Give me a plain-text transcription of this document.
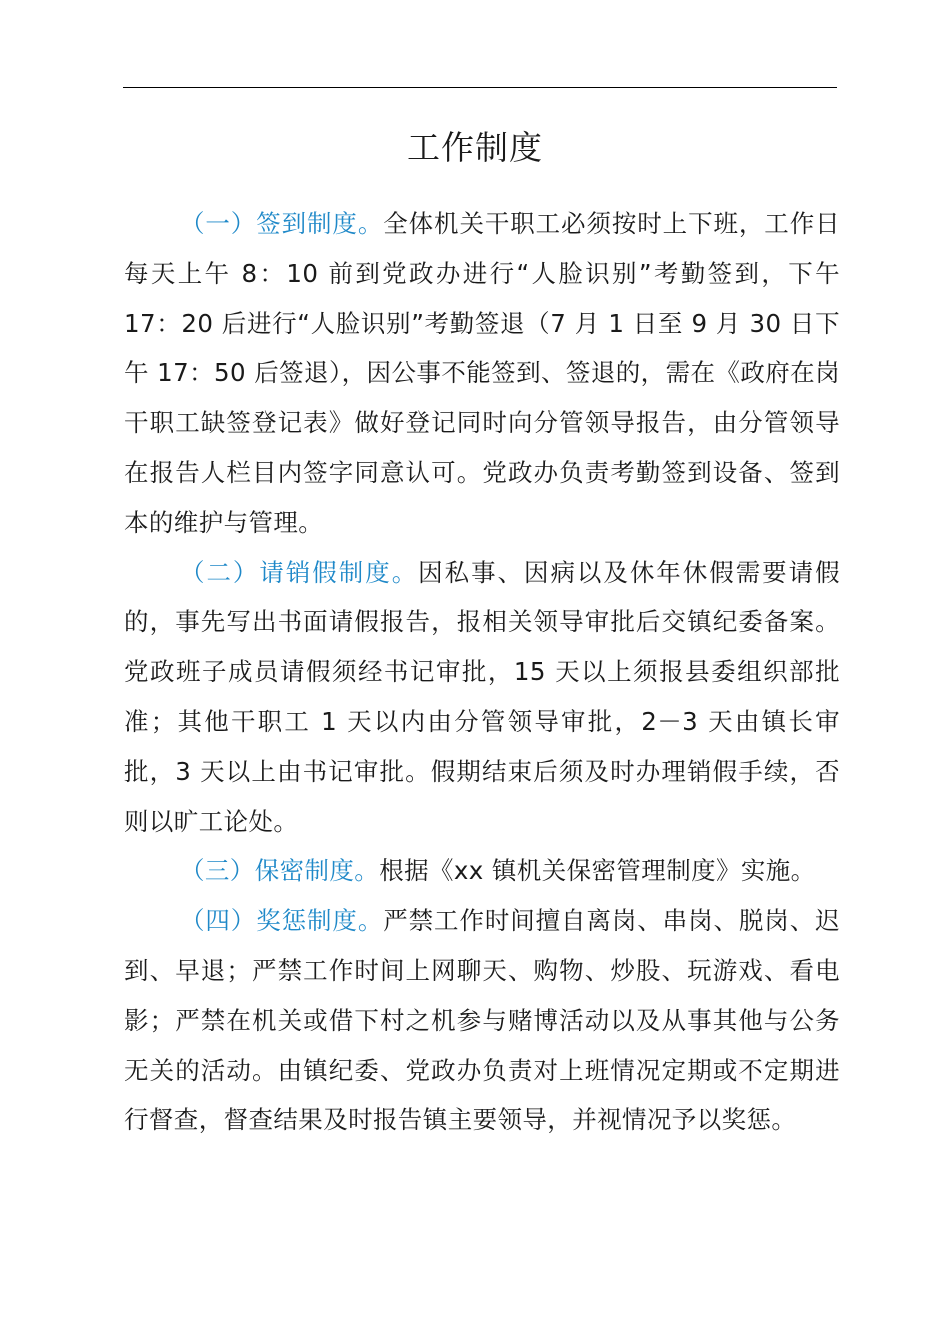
工作制度

（一）签到制度。全体机关干职工必须按时上下班，工作日每天上午 8：10 前到党政办进行“人脸识别”考勤签到，下午 17：20 后进行“人脸识别”考勤签退（7 月 1 日至 9 月 30 日下午 17：50 后签退），因公事不能签到、签退的，需在《政府在岗干职工缺签登记表》做好登记同时向分管领导报告，由分管领导在报告人栏目内签字同意认可。党政办负责考勤签到设备、签到本的维护与管理。

（二）请销假制度。因私事、因病以及休年休假需要请假的，事先写出书面请假报告，报相关领导审批后交镇纪委备案。党政班子成员请假须经书记审批，15 天以上须报县委组织部批准；其他干职工 1 天以内由分管领导审批，2－3 天由镇长审批，3 天以上由书记审批。假期结束后须及时办理销假手续，否则以旷工论处。

（三）保密制度。根据《xx 镇机关保密管理制度》实施。

（四）奖惩制度。严禁工作时间擅自离岗、串岗、脱岗、迟到、早退；严禁工作时间上网聊天、购物、炒股、玩游戏、看电影；严禁在机关或借下村之机参与赌博活动以及从事其他与公务无关的活动。由镇纪委、党政办负责对上班情况定期或不定期进行督查，督查结果及时报告镇主要领导，并视情况予以奖惩。
